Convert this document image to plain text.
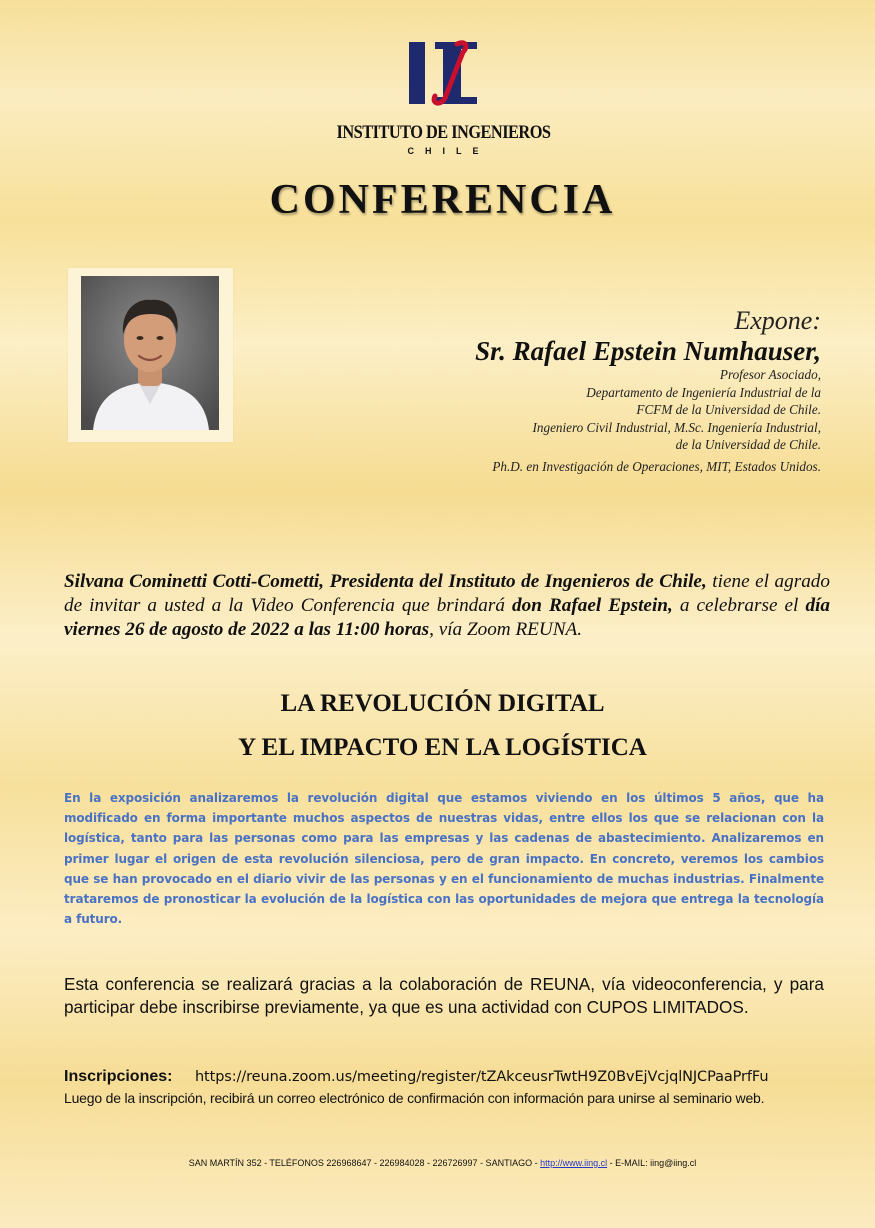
INSTITUTO DE INGENIEROS
CHILE
CONFERENCIA
Expone:
Sr. Rafael Epstein Numhauser,
Profesor Asociado,
Departamento de Ingeniería Industrial de la
FCFM de la Universidad de Chile.
Ingeniero Civil Industrial, M.Sc. Ingeniería Industrial,
de la Universidad de Chile.
Ph.D. en Investigación de Operaciones, MIT, Estados Unidos.
Silvana Cominetti Cotti-Cometti, Presidenta del Instituto de Ingenieros de Chile, tiene el agrado de invitar a usted a la Video Conferencia que brindará don Rafael Epstein, a celebrarse el día viernes 26 de agosto de 2022 a las 11:00 horas, vía Zoom REUNA.
LA REVOLUCIÓN DIGITAL
Y EL IMPACTO EN LA LOGÍSTICA
En la exposición analizaremos la revolución digital que estamos viviendo en los últimos 5 años, que ha modificado en forma importante muchos aspectos de nuestras vidas, entre ellos los que se relacionan con la logística, tanto para las personas como para las empresas y las cadenas de abastecimiento. Analizaremos en primer lugar el origen de esta revolución silenciosa, pero de gran impacto. En concreto, veremos los cambios que se han provocado en el diario vivir de las personas y en el funcionamiento de muchas industrias. Finalmente trataremos de pronosticar la evolución de la logística con las oportunidades de mejora que entrega la tecnología a futuro.
Esta conferencia se realizará gracias a la colaboración de REUNA, vía videoconferencia, y para participar debe inscribirse previamente, ya que es una actividad con CUPOS LIMITADOS.
Inscripciones: https://reuna.zoom.us/meeting/register/tZAkceusrTwtH9Z0BvEjVcjqlNJCPaaPrfFu
Luego de la inscripción, recibirá un correo electrónico de confirmación con información para unirse al seminario web.
SAN MARTÍN 352 - TELÉFONOS 226968647 - 226984028 - 226726997 - SANTIAGO - http://www.iing.cl - E-MAIL: iing@iing.cl
